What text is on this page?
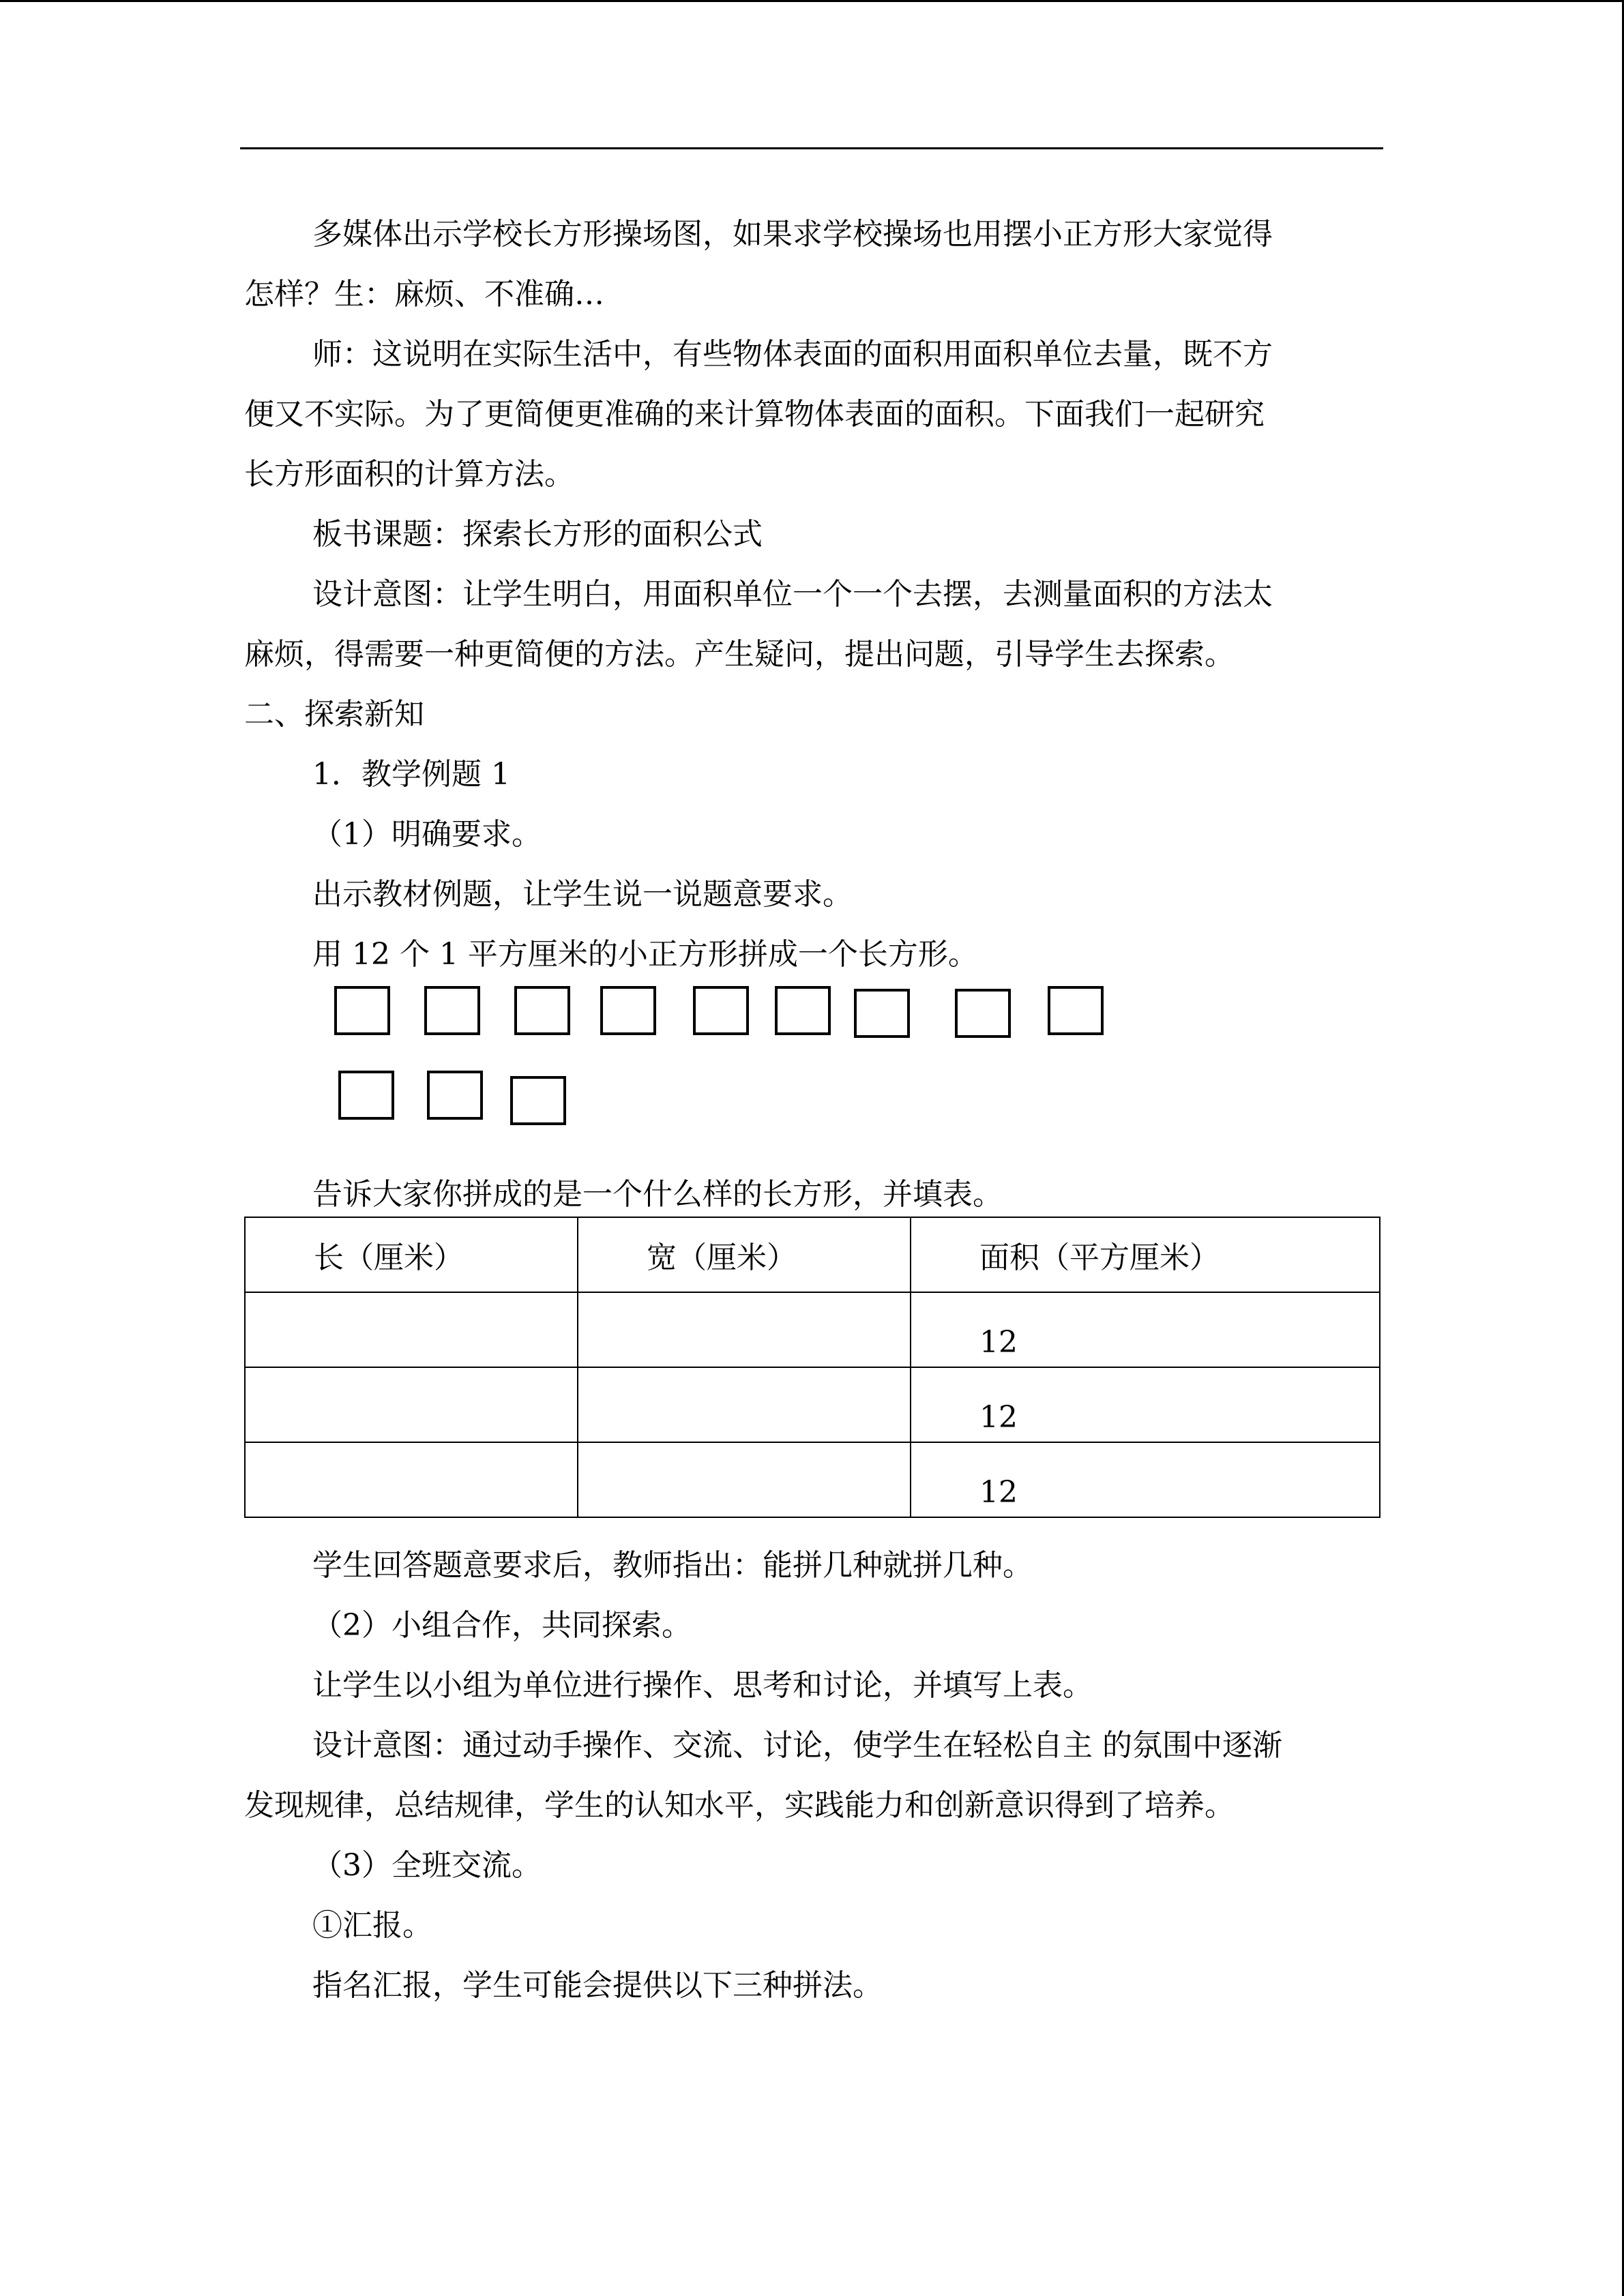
多媒体出示学校长方形操场图，如果求学校操场也用摆小正方形大家觉得
怎样？生：麻烦、不准确…
师：这说明在实际生活中，有些物体表面的面积用面积单位去量，既不方
便又不实际。为了更简便更准确的来计算物体表面的面积。下面我们一起研究
长方形面积的计算方法。
板书课题：探索长方形的面积公式
设计意图：让学生明白，用面积单位一个一个去摆，去测量面积的方法太
麻烦，得需要一种更简便的方法。产生疑问，提出问题，引导学生去探索。
二、探索新知
1．教学例题 1
（1）明确要求。
出示教材例题，让学生说一说题意要求。
用 12 个 1 平方厘米的小正方形拼成一个长方形。
告诉大家你拼成的是一个什么样的长方形，并填表。
长（厘米）	宽（厘米）	面积（平方厘米）
		12
		12
		12
学生回答题意要求后，教师指出：能拼几种就拼几种。
（2）小组合作，共同探索。
让学生以小组为单位进行操作、思考和讨论，并填写上表。
设计意图：通过动手操作、交流、讨论，使学生在轻松自主 的氛围中逐渐
发现规律，总结规律，学生的认知水平，实践能力和创新意识得到了培养。
（3）全班交流。
①汇报。
指名汇报，学生可能会提供以下三种拼法。
